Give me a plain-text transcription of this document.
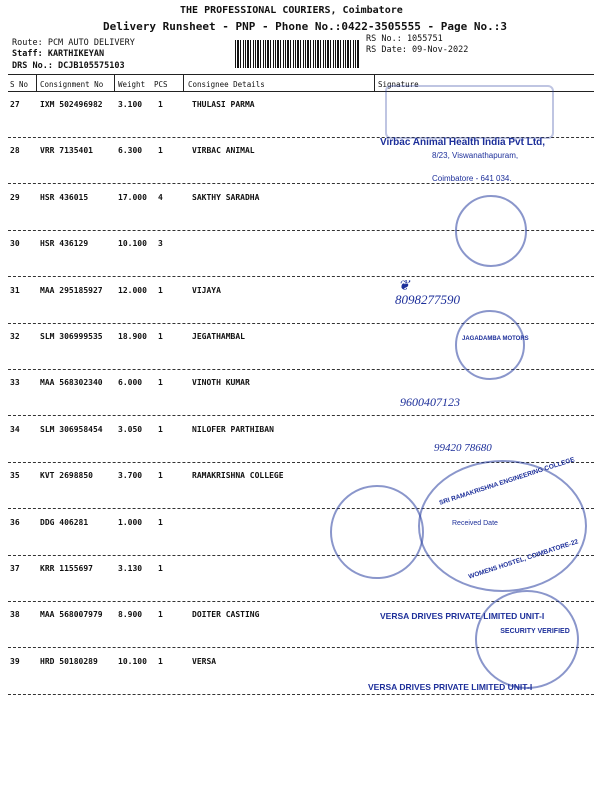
THE PROFESSIONAL COURIERS, Coimbatore
Delivery Runsheet - PNP - Phone No.:0422-3505555 - Page No.:3
Route: PCM AUTO DELIVERY
Staff: KARTHIKEYAN
DRS No.: DCJB105575103
RS No.: 1055751
RS Date: 09-Nov-2022
S No Consignment No Weight PCS	Consignee Details	Signature
27	IXM 502496982 3.100 1	THULASI PARMA
28	VRR 7135401	6.300 1	VIRBAC ANIMAL
29	HSR 436015	17.000 4	SAKTHY SARADHA
30	HSR 436129	10.100 3
31	MAA 295185927 12.000 1	VIJAYA
32	SLM 306999535 18.900 1	JEGATHAMBAL
33	MAA 568302340 6.000 1	VINOTH KUMAR
34	SLM 306958454 3.050 1	NILOFER PARTHIBAN
35	KVT 2698850	3.700 1	RAMAKRISHNA COLLEGE
36	DDG 406281	1.000 1
37	KRR 1155697	3.130 1
38	MAA 568007979 8.900 1	DOITER CASTING
39	HRD 50180289	10.100 1	VERSA
Virbac Animal Health India Pvt Ltd,
8/23, Viswanathapuram,
Coimbatore - 641 034.
❦
8098277590
JAGADAMBA MOTORS
9600407123
99420 78680
SRI RAMAKRISHNA ENGINEERING COLLEGE
WOMENS HOSTEL, COIMBATORE-22
Received Date
VERSA DRIVES PRIVATE LIMITED UNIT-I
SECURITY VERIFIED
VERSA DRIVES PRIVATE LIMITED UNIT-I
